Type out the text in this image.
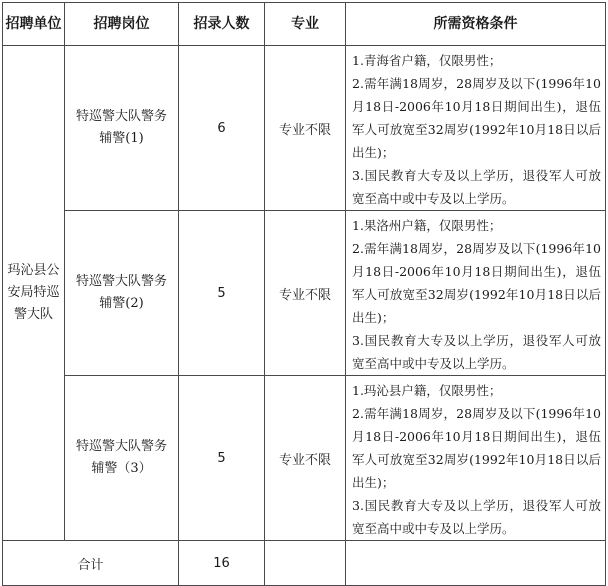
招聘单位	招聘岗位	招录人数	专业	所需资格条件
玛沁县公安局特巡警大队	特巡警大队警务辅警(1)	6	专业不限	1.青海省户籍，仅限男性；
2.需年满18周岁，28周岁及以下(1996年10月18日-2006年10月18日期间出生)，退伍军人可放宽至32周岁(1992年10月18日以后出生)；
3.国民教育大专及以上学历，退役军人可放宽至高中或中专及以上学历。

	特巡警大队警务辅警(2)	5	专业不限	1.果洛州户籍，仅限男性；
2.需年满18周岁，28周岁及以下(1996年10月18日-2006年10月18日期间出生)，退伍军人可放宽至32周岁(1992年10月18日以后出生)；
3.国民教育大专及以上学历，退役军人可放宽至高中或中专及以上学历。

	特巡警大队警务辅警（3）	5	专业不限	1.玛沁县户籍，仅限男性；
2.需年满18周岁，28周岁及以下(1996年10月18日-2006年10月18日期间出生)，退伍军人可放宽至32周岁(1992年10月18日以后出生)；
3.国民教育大专及以上学历，退役军人可放宽至高中或中专及以上学历。

合计		16		
